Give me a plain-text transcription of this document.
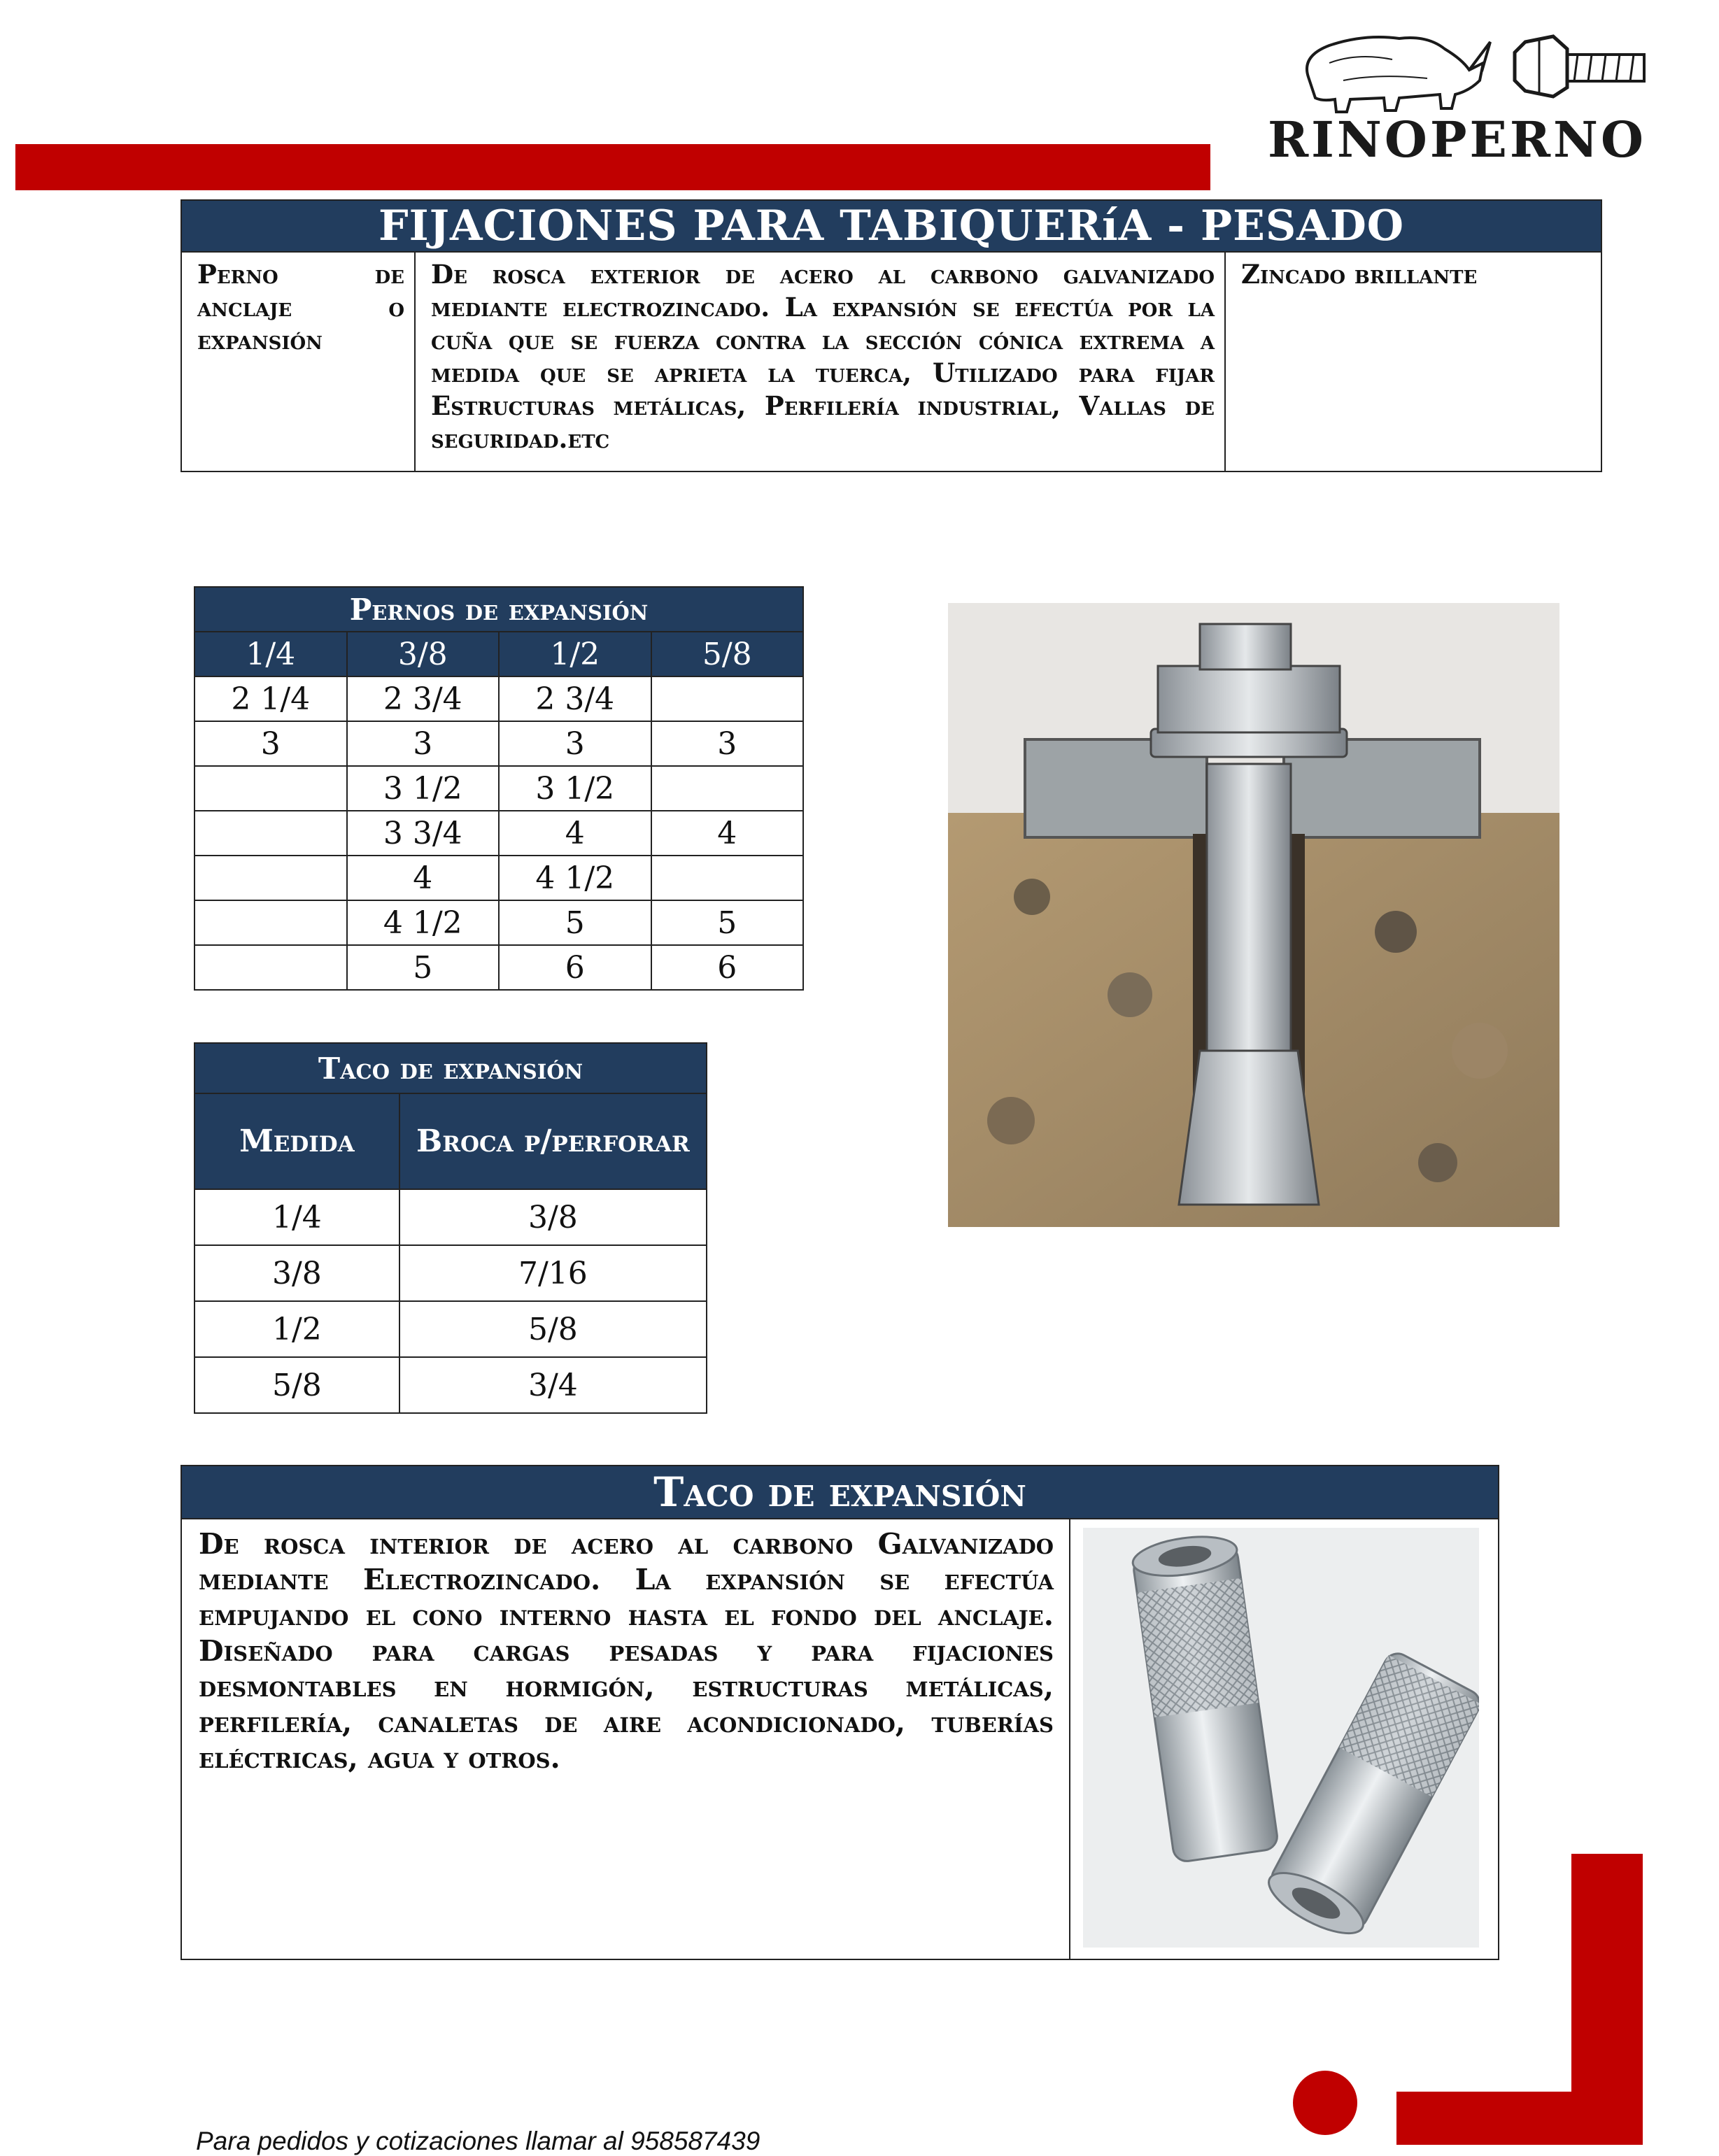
RINOPERNO
FIJACIONES PARA TABIQUERíA - PESADO
Perno de anclaje o expansión	De rosca exterior de acero al carbono galvanizado mediante electrozincado. La expansión se efectúa por la cuña que se fuerza contra la sección cónica extrema a medida que se aprieta la tuerca, Utilizado para fijar Estructuras metálicas, Perfilería industrial, Vallas de seguridad.etc	Zincado brillante
Pernos de expansión			
1/4	3/8	1/2	5/8
2 1/4	2 3/4	2 3/4	
3	3	3	3
	3 1/2	3 1/2	
	3 3/4	4	4
	4	4 1/2	
	4 1/2	5	5
	5	6	6
Taco de expansión	
Medida	Broca p/perforar
1/4	3/8
3/8	7/16
1/2	5/8
5/8	3/4
Taco de expansión
De rosca interior de acero al carbono Galvanizado mediante Electrozincado. La expansión se efectúa empujando el cono interno hasta el fondo del anclaje. Diseñado para cargas pesadas y para fijaciones desmontables en hormigón, estructuras metálicas, perfilería, canaletas de aire acondicionado, tuberías eléctricas, agua y otros.	
Para pedidos y cotizaciones llamar al 958587439
